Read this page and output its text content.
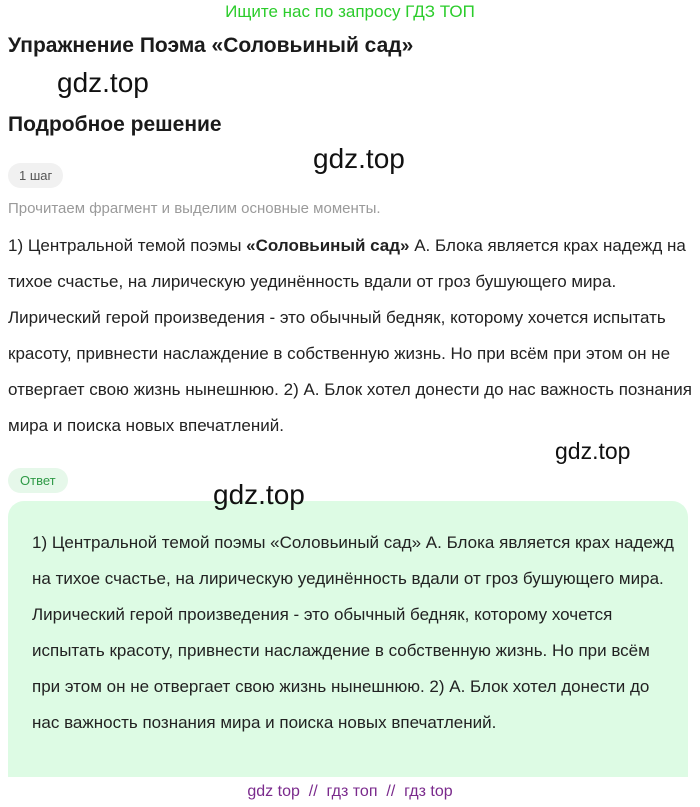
Ищите нас по запросу ГДЗ ТОП
Упражнение Поэма «Соловьиный сад»
gdz.top
Подробное решение
gdz.top
1 шаг
Прочитаем фрагмент и выделим основные моменты.
1) Центральной темой поэмы «Соловьиный сад» А. Блока является крах надежд на тихое счастье, на лирическую уединённость вдали от гроз бушующего мира. Лирический герой произведения - это обычный бедняк, которому хочется испытать красоту, привнести наслаждение в собственную жизнь. Но при всём при этом он не отвергает свою жизнь нынешнюю. 2) А. Блок хотел донести до нас важность познания мира и поиска новых впечатлений.
gdz.top
Ответ	gdz.top
1) Центральной темой поэмы «Соловьиный сад» А. Блока является крах надежд на тихое счастье, на лирическую уединённость вдали от гроз бушующего мира. Лирический герой произведения - это обычный бедняк, которому хочется испытать красоту, привнести наслаждение в собственную жизнь. Но при всём при этом он не отвергает свою жизнь нынешнюю. 2) А. Блок хотел донести до нас важность познания мира и поиска новых впечатлений.
gdz top  //  гдз топ  //  гдз top
